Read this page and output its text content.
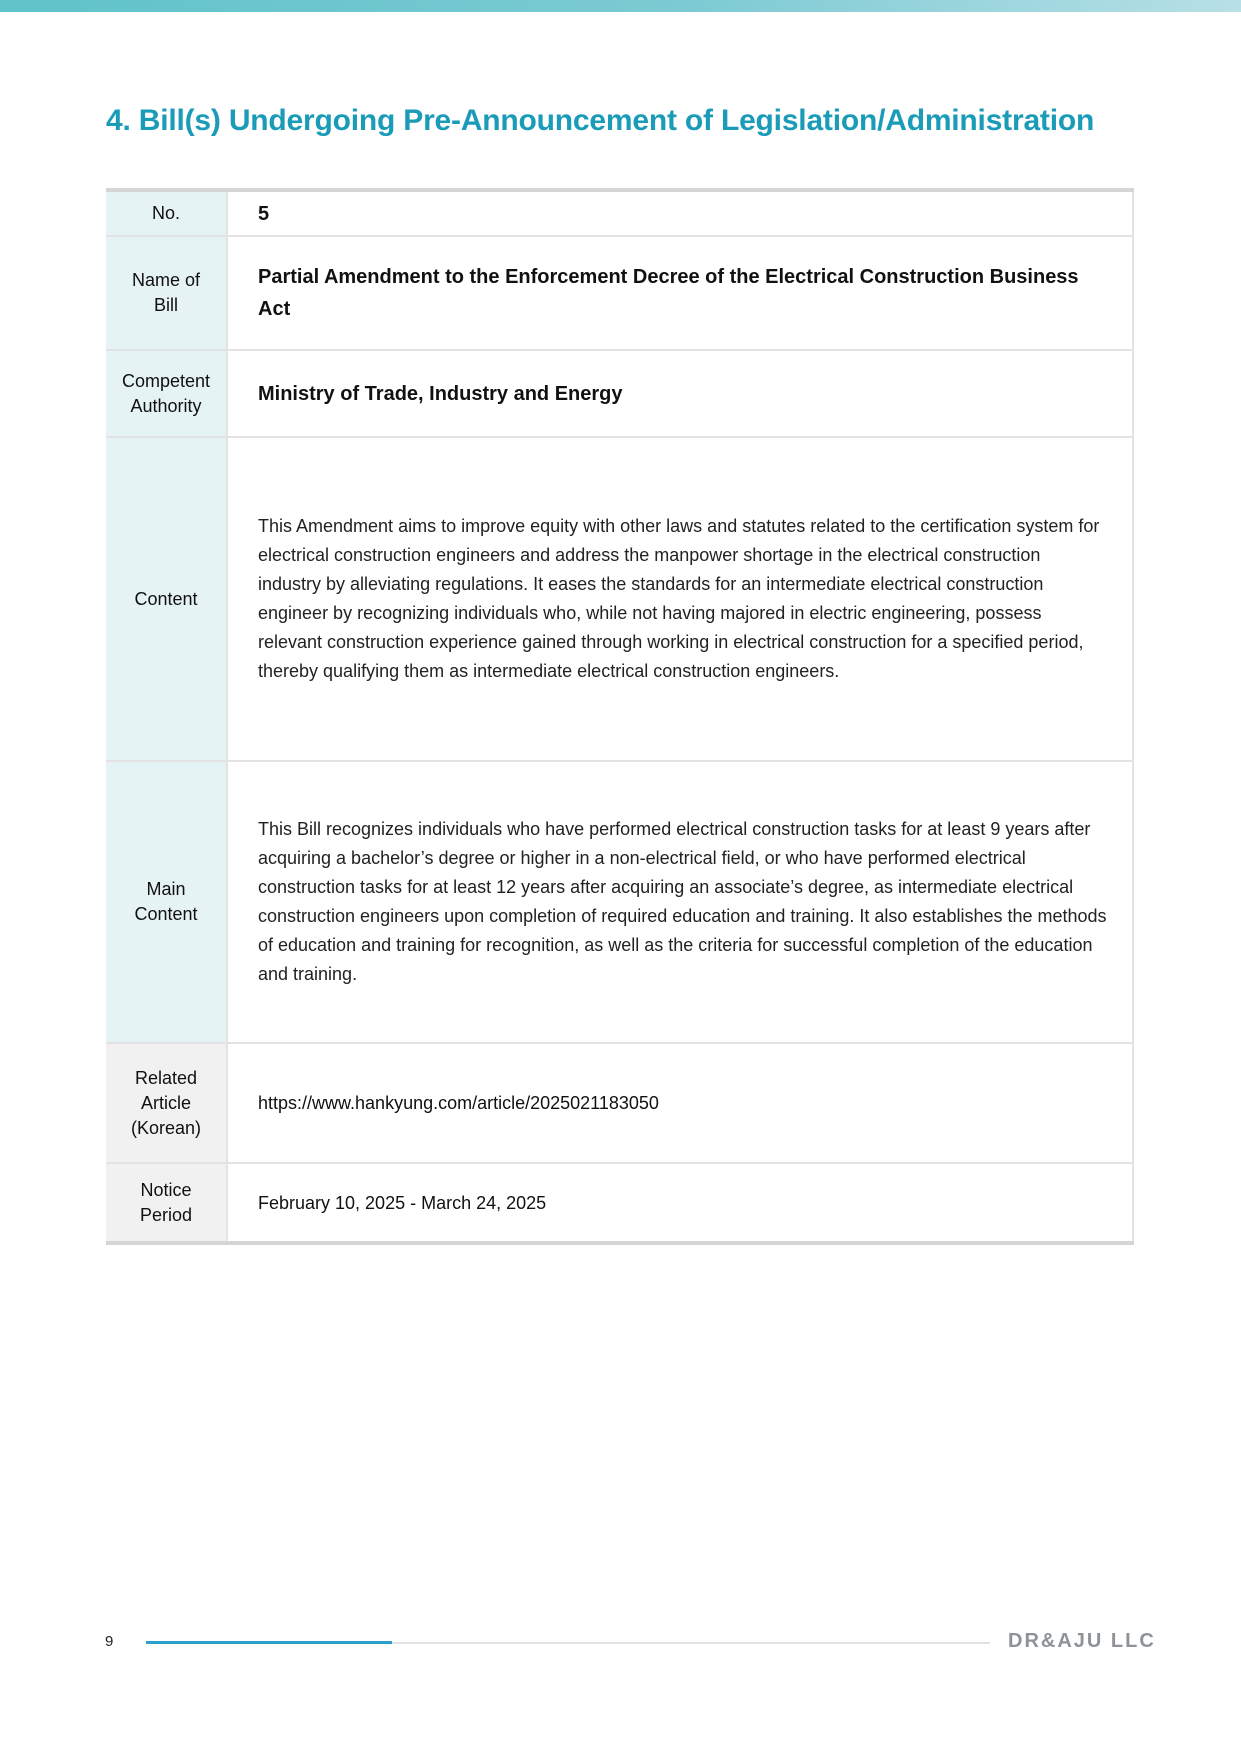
4. Bill(s) Undergoing Pre-Announcement of Legislation/Administration
No.	5
Name of
Bill	Partial Amendment to the Enforcement Decree of the Electrical Construction Business Act
Competent
Authority	Ministry of Trade, Industry and Energy
Content	This Amendment aims to improve equity with other laws and statutes related to the certification system for electrical construction engineers and address the manpower shortage in the electrical construction industry by alleviating regulations. It eases the standards for an intermediate electrical construction engineer by recognizing individuals who, while not having majored in electric engineering, possess relevant construction experience gained through working in electrical construction for a specified period, thereby qualifying them as intermediate electrical construction engineers.
Main
Content	This Bill recognizes individuals who have performed electrical construction tasks for at least 9 years after acquiring a bachelor’s degree or higher in a non-electrical field, or who have performed electrical construction tasks for at least 12 years after acquiring an associate’s degree, as intermediate electrical construction engineers upon completion of required education and training. It also establishes the methods of education and training for recognition, as well as the criteria for successful completion of the education and training.
Related
Article
(Korean)	https://www.hankyung.com/article/2025021183050
Notice
Period	February 10, 2025 - March 24, 2025
9	DR&AJU LLC
